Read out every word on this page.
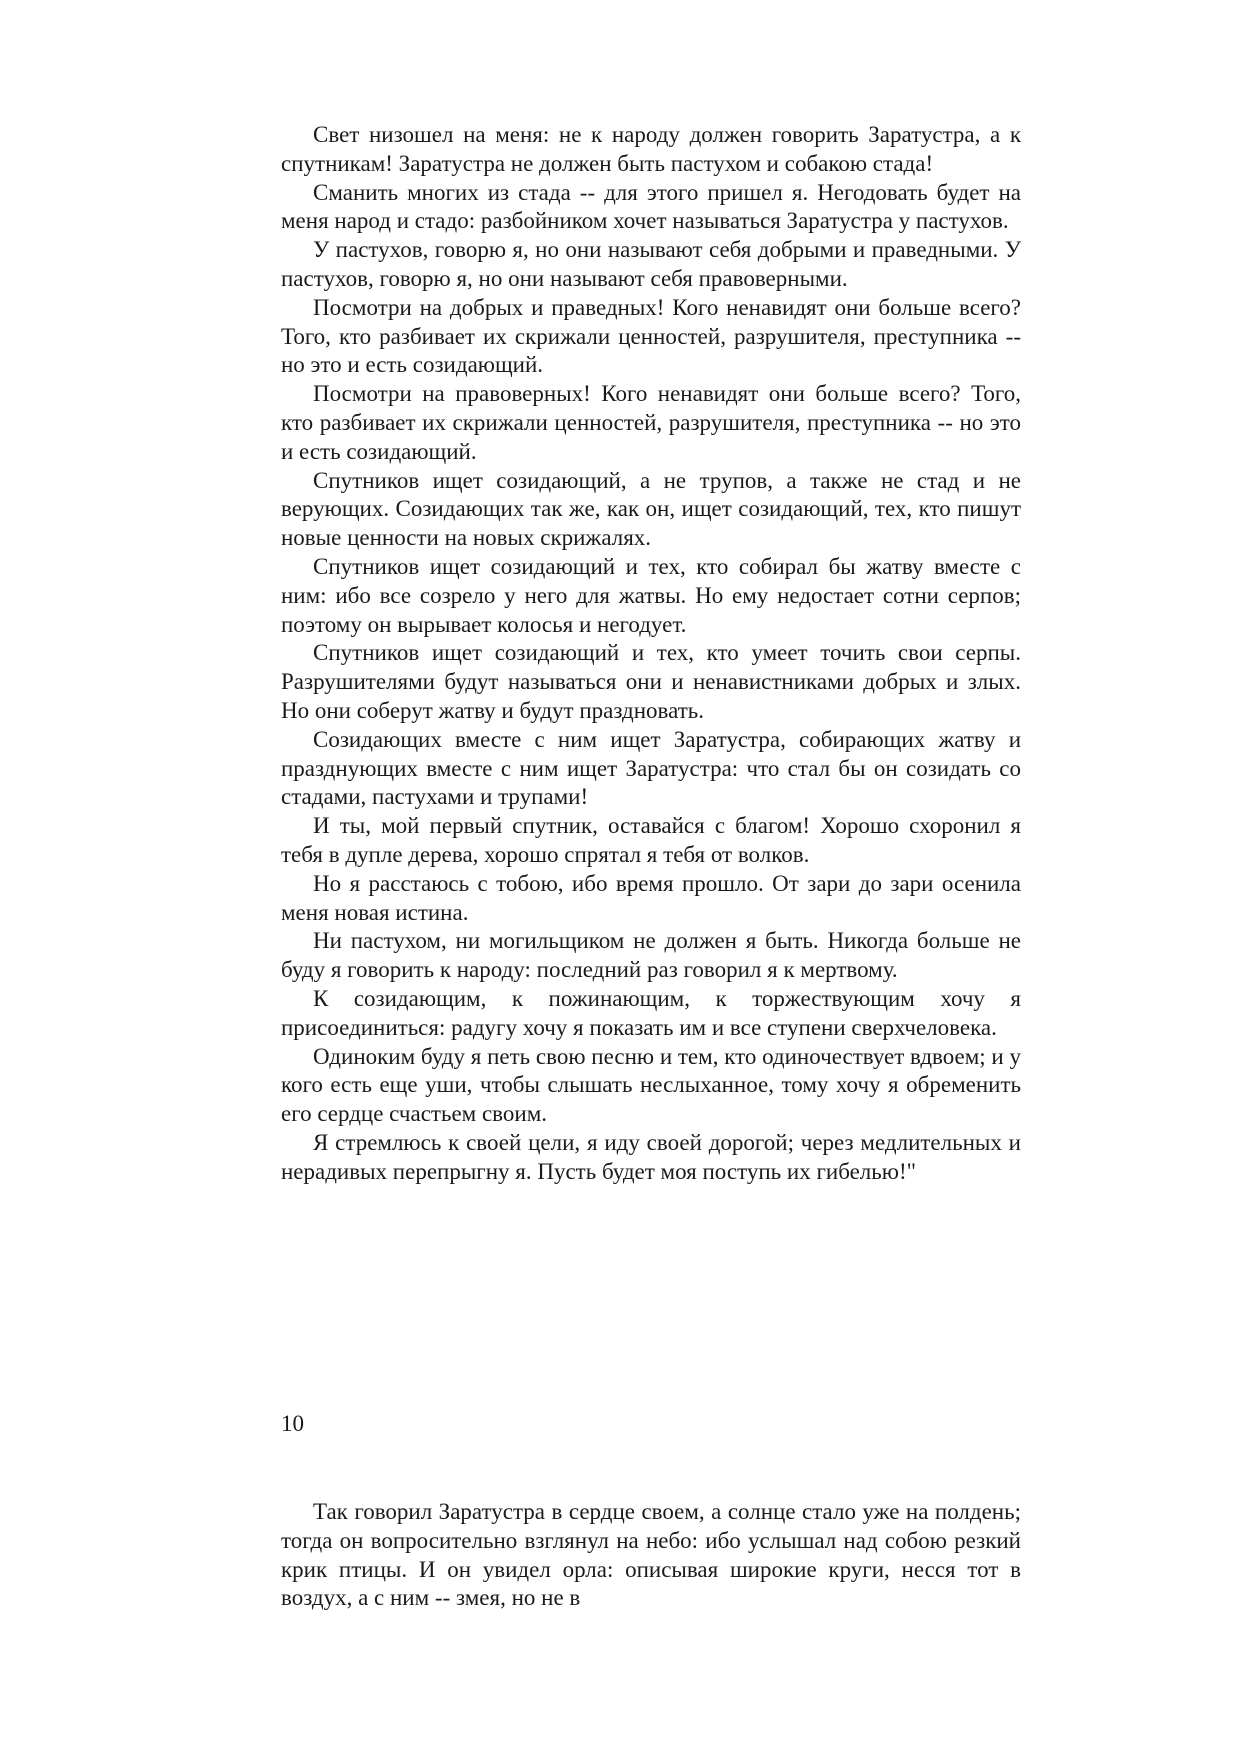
Свет низошел на меня: не к народу должен говорить Заратустра, а к спутникам! Заратустра не должен быть пастухом и собакою стада!

Сманить многих из стада -- для этого пришел я. Негодовать будет на меня народ и стадо: разбойником хочет называться Заратустра у пастухов.

У пастухов, говорю я, но они называют себя добрыми и праведными. У пастухов, говорю я, но они называют себя правоверными.

Посмотри на добрых и праведных! Кого ненавидят они больше всего? Того, кто разбивает их скрижали ценностей, разрушителя, преступника -- но это и есть созидающий.

Посмотри на правоверных! Кого ненавидят они больше всего? Того, кто разбивает их скрижали ценностей, разрушителя, преступника -- но это и есть созидающий.

Спутников ищет созидающий, а не трупов, а также не стад и не верующих. Созидающих так же, как он, ищет созидающий, тех, кто пишут новые ценности на новых скрижалях.

Спутников ищет созидающий и тех, кто собирал бы жатву вместе с ним: ибо все созрело у него для жатвы. Но ему недостает сотни серпов; поэтому он вырывает колосья и негодует.

Спутников ищет созидающий и тех, кто умеет точить свои серпы. Разрушителями будут называться они и ненавистниками добрых и злых. Но они соберут жатву и будут праздновать.

Созидающих вместе с ним ищет Заратустра, собирающих жатву и празднующих вместе с ним ищет Заратустра: что стал бы он созидать со стадами, пастухами и трупами!

И ты, мой первый спутник, оставайся с благом! Хорошо схоронил я тебя в дупле дерева, хорошо спрятал я тебя от волков.

Но я расстаюсь с тобою, ибо время прошло. От зари до зари осенила меня новая истина.

Ни пастухом, ни могильщиком не должен я быть. Никогда больше не буду я говорить к народу: последний раз говорил я к мертвому.

К созидающим, к пожинающим, к торжествующим хочу я присоединиться: радугу хочу я показать им и все ступени сверхчеловека.

Одиноким буду я петь свою песню и тем, кто одиночествует вдвоем; и у кого есть еще уши, чтобы слышать неслыханное, тому хочу я обременить его сердце счастьем своим.

Я стремлюсь к своей цели, я иду своей дорогой; через медлительных и нерадивых перепрыгну я. Пусть будет моя поступь их гибелью!"

10

Так говорил Заратустра в сердце своем, а солнце стало уже на полдень; тогда он вопросительно взглянул на небо: ибо услышал над собою резкий крик птицы. И он увидел орла: описывая широкие круги, несся тот в воздух, а с ним -- змея, но не в
